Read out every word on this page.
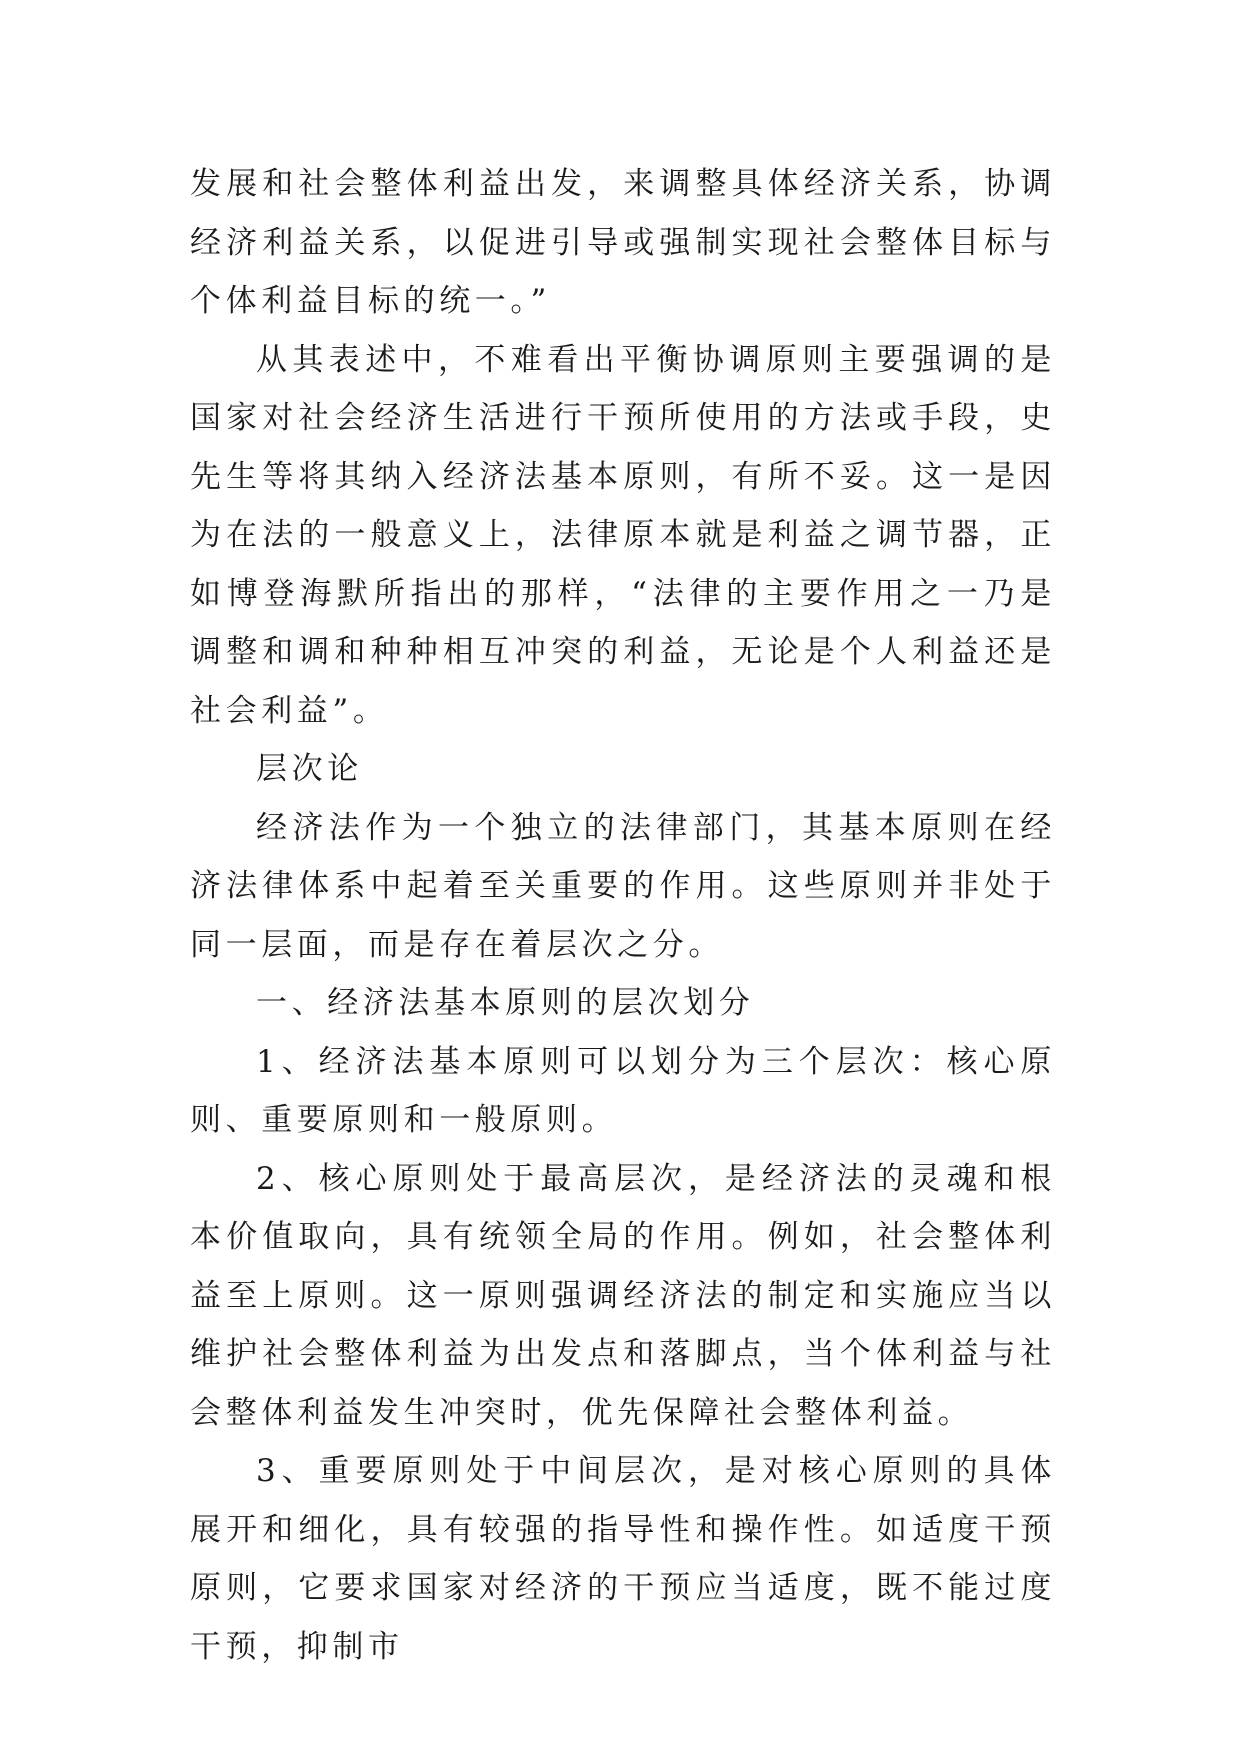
发展和社会整体利益出发，来调整具体经济关系，协调经济利益关系，以促进引导或强制实现社会整体目标与个体利益目标的统一。”

从其表述中，不难看出平衡协调原则主要强调的是国家对社会经济生活进行干预所使用的方法或手段，史先生等将其纳入经济法基本原则，有所不妥。这一是因为在法的一般意义上，法律原本就是利益之调节器，正如博登海默所指出的那样，“法律的主要作用之一乃是调整和调和种种相互冲突的利益，无论是个人利益还是社会利益”。

层次论

经济法作为一个独立的法律部门，其基本原则在经济法律体系中起着至关重要的作用。这些原则并非处于同一层面，而是存在着层次之分。

一、经济法基本原则的层次划分

1、经济法基本原则可以划分为三个层次：核心原则、重要原则和一般原则。

2、核心原则处于最高层次，是经济法的灵魂和根本价值取向，具有统领全局的作用。例如，社会整体利益至上原则。这一原则强调经济法的制定和实施应当以维护社会整体利益为出发点和落脚点，当个体利益与社会整体利益发生冲突时，优先保障社会整体利益。

3、重要原则处于中间层次，是对核心原则的具体展开和细化，具有较强的指导性和操作性。如适度干预原则，它要求国家对经济的干预应当适度，既不能过度干预，抑制市
